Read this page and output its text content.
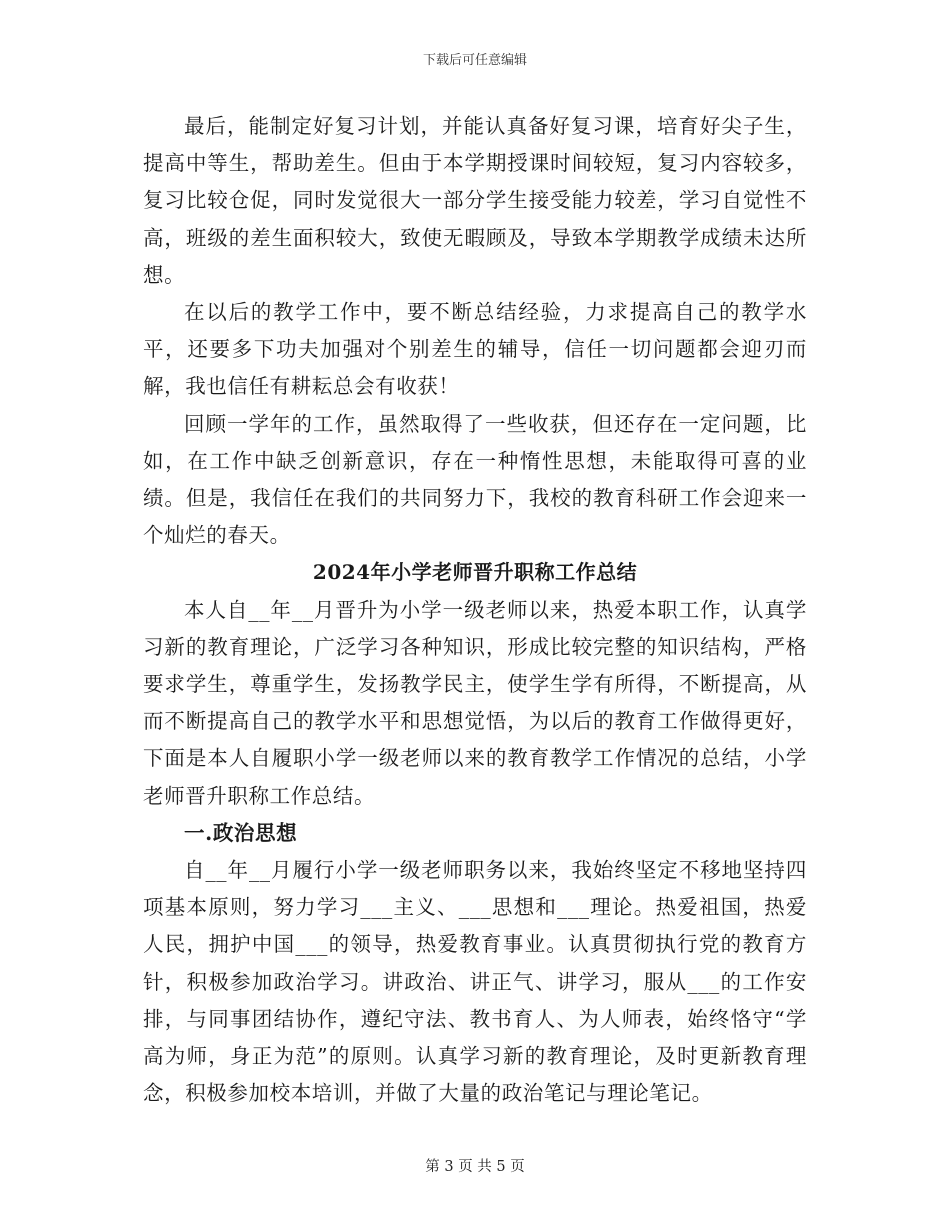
下载后可任意编辑

最后，能制定好复习计划，并能认真备好复习课，培育好尖子生，提高中等生，帮助差生。但由于本学期授课时间较短，复习内容较多，复习比较仓促，同时发觉很大一部分学生接受能力较差，学习自觉性不高，班级的差生面积较大，致使无暇顾及，导致本学期教学成绩未达所想。

在以后的教学工作中，要不断总结经验，力求提高自己的教学水平，还要多下功夫加强对个别差生的辅导，信任一切问题都会迎刃而解，我也信任有耕耘总会有收获！

回顾一学年的工作，虽然取得了一些收获，但还存在一定问题，比如，在工作中缺乏创新意识，存在一种惰性思想，未能取得可喜的业绩。但是，我信任在我们的共同努力下，我校的教育科研工作会迎来一个灿烂的春天。

2024年小学老师晋升职称工作总结

本人自__年__月晋升为小学一级老师以来，热爱本职工作，认真学习新的教育理论，广泛学习各种知识，形成比较完整的知识结构，严格要求学生，尊重学生，发扬教学民主，使学生学有所得，不断提高，从而不断提高自己的教学水平和思想觉悟，为以后的教育工作做得更好，下面是本人自履职小学一级老师以来的教育教学工作情况的总结，小学老师晋升职称工作总结。

一.政治思想

自__年__月履行小学一级老师职务以来，我始终坚定不移地坚持四项基本原则，努力学习___主义、___思想和___理论。热爱祖国，热爱人民，拥护中国___的领导，热爱教育事业。认真贯彻执行党的教育方针，积极参加政治学习。讲政治、讲正气、讲学习，服从___的工作安排，与同事团结协作，遵纪守法、教书育人、为人师表，始终恪守“学高为师，身正为范”的原则。认真学习新的教育理论，及时更新教育理念，积极参加校本培训，并做了大量的政治笔记与理论笔记。

第 3 页 共 5 页
